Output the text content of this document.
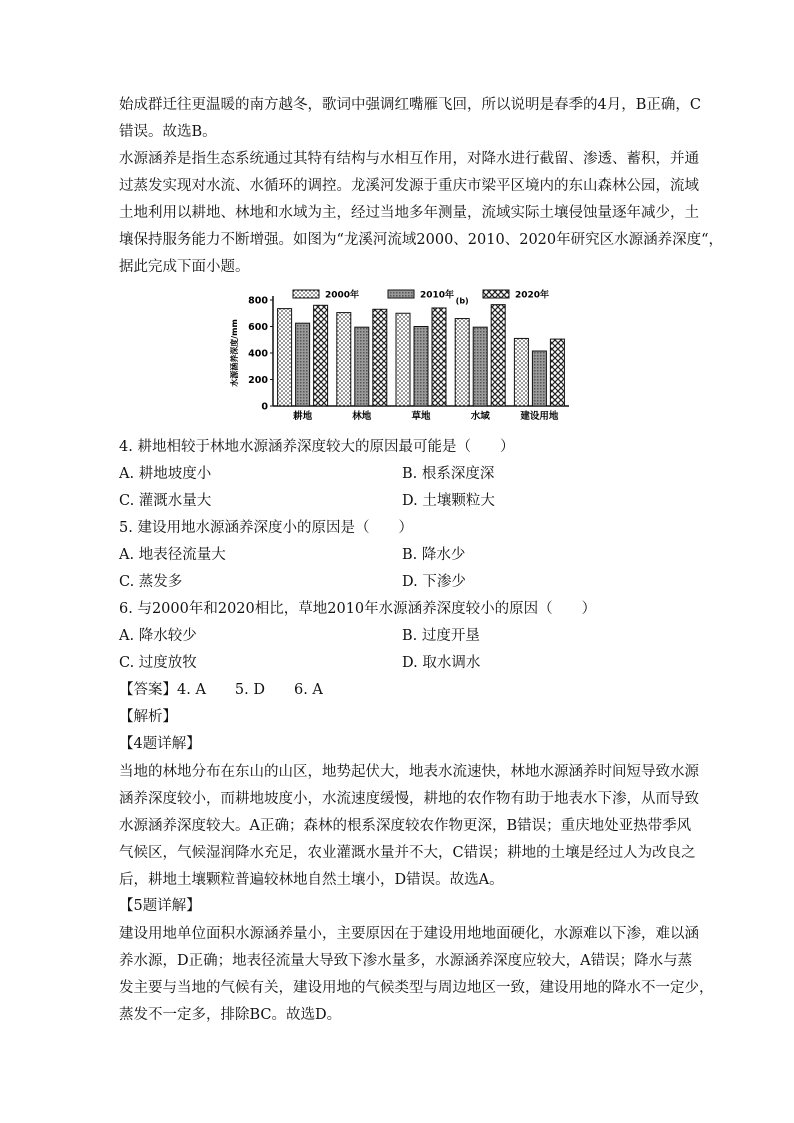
始成群迁往更温暖的南方越冬，歌词中强调红嘴雁飞回，所以说明是春季的4月，B正确，C
错误。故选B。
水源涵养是指生态系统通过其特有结构与水相互作用，对降水进行截留、渗透、蓄积，并通
过蒸发实现对水流、水循环的调控。龙溪河发源于重庆市梁平区境内的东山森林公园，流域
土地利用以耕地、林地和水域为主，经过当地多年测量，流域实际土壤侵蚀量逐年减少，土
壤保持服务能力不断增强。如图为“龙溪河流域2000、2010、2020年研究区水源涵养深度“，
据此完成下面小题。
水源涵养深度/mm
0
200
400
600
800
耕地	林地	草地	水域	建设用地
(b)
2000年	2010年	2020年
4. 耕地相较于林地水源涵养深度较大的原因最可能是（　　）
A. 耕地坡度小	B. 根系深度深
C. 灌溉水量大	D. 土壤颗粒大
5. 建设用地水源涵养深度小的原因是（　　）
A. 地表径流量大	B. 降水少
C. 蒸发多	D. 下渗少
6. 与2000年和2020相比，草地2010年水源涵养深度较小的原因（　　）
A. 降水较少	B. 过度开垦
C. 过度放牧	D. 取水调水
【答案】4. A　　5. D　　6. A
【解析】
【4题详解】
当地的林地分布在东山的山区，地势起伏大，地表水流速快，林地水源涵养时间短导致水源
涵养深度较小，而耕地坡度小，水流速度缓慢，耕地的农作物有助于地表水下渗，从而导致
水源涵养深度较大。A正确；森林的根系深度较农作物更深，B错误；重庆地处亚热带季风
气候区，气候湿润降水充足，农业灌溉水量并不大，C错误；耕地的土壤是经过人为改良之
后，耕地土壤颗粒普遍较林地自然土壤小，D错误。故选A。
【5题详解】
建设用地单位面积水源涵养量小，主要原因在于建设用地地面硬化，水源难以下渗，难以涵
养水源，D正确；地表径流量大导致下渗水量多，水源涵养深度应较大，A错误；降水与蒸
发主要与当地的气候有关，建设用地的气候类型与周边地区一致，建设用地的降水不一定少，
蒸发不一定多，排除BC。故选D。
